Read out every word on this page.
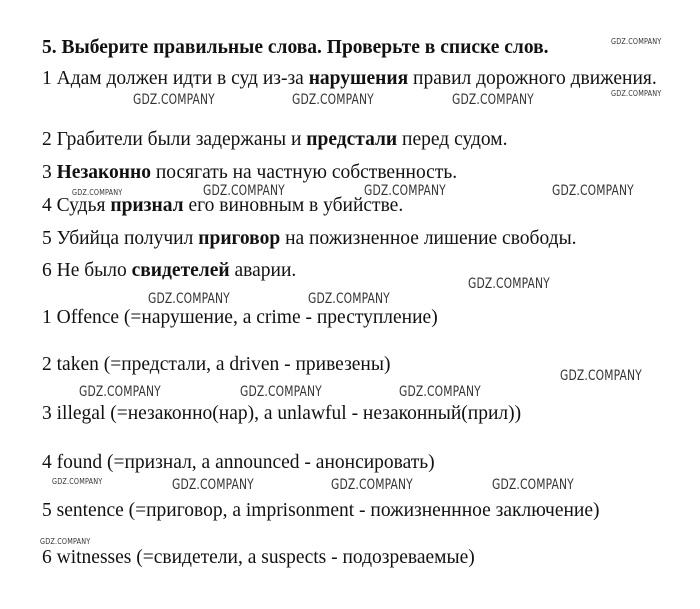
5. Выберите правильные слова. Проверьте в списке слов.
1 Адам должен идти в суд из-за нарушения правил дорожного движения.
2 Грабители были задержаны и предстали перед судом.
3 Незаконно посягать на частную собственность.
4 Судья признал его виновным в убийстве.
5 Убийца получил приговор на пожизненное лишение свободы.
6 Не было свидетелей аварии.
1 Offence (=нарушение, a crime - преступление)
2 taken (=предстали, a driven - привезены)
3 illegal (=незаконно(нар), a unlawful - незаконный(прил))
4 found (=признал, a announced - анонсировать)
5 sentence (=приговор, a imprisonment - пожизненнное заключение)
6 witnesses (=свидетели, a suspects - подозреваемые)
GDZ.COMPANY
GDZ.COMPANY
GDZ.COMPANY	GDZ.COMPANY	GDZ.COMPANY
GDZ.COMPANY	GDZ.COMPANY	GDZ.COMPANY	GDZ.COMPANY
GDZ.COMPANY
GDZ.COMPANY	GDZ.COMPANY
GDZ.COMPANY
GDZ.COMPANY	GDZ.COMPANY	GDZ.COMPANY
GDZ.COMPANY	GDZ.COMPANY	GDZ.COMPANY	GDZ.COMPANY
GDZ.COMPANY
